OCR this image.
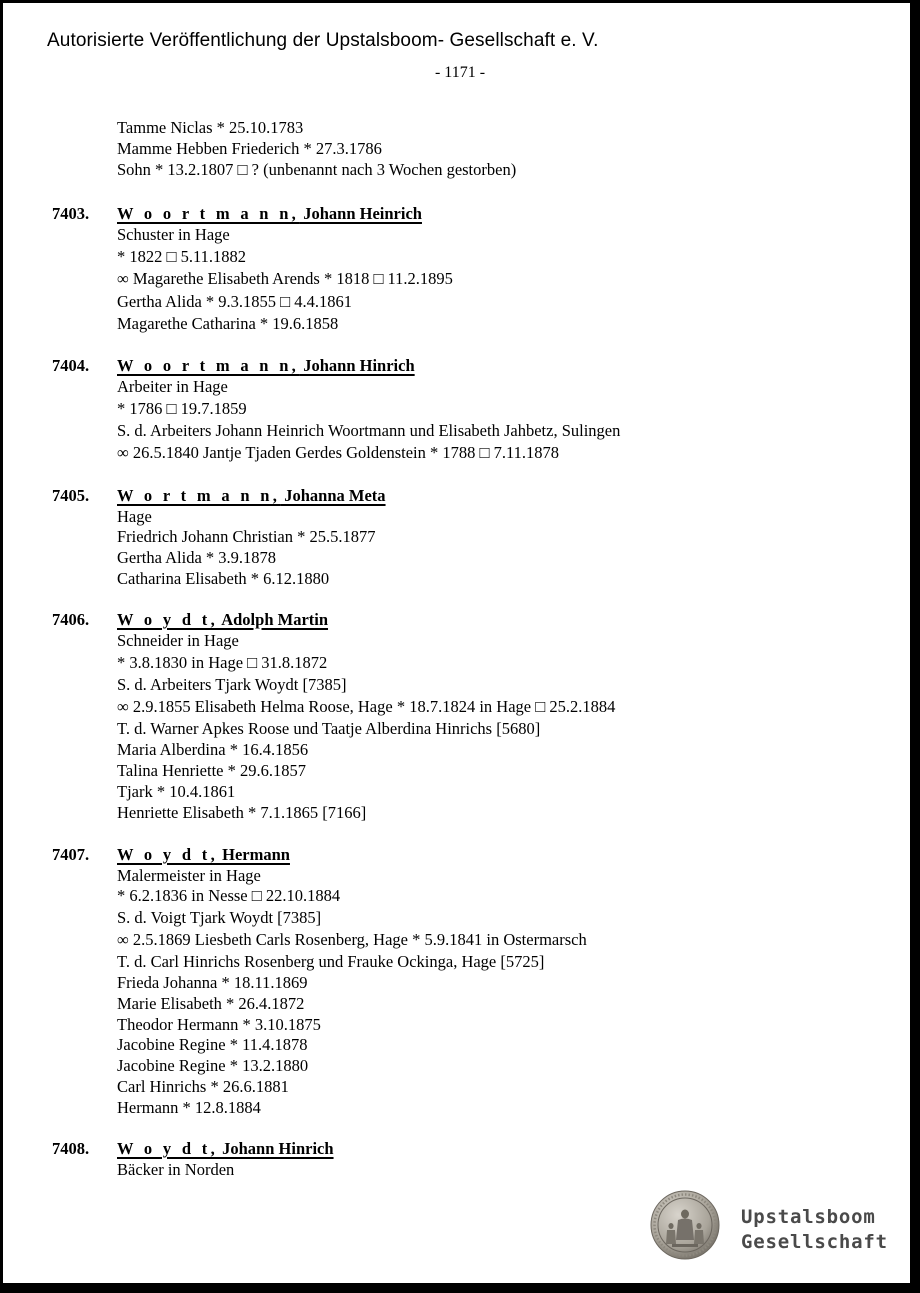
Autorisierte Veröffentlichung der Upstalsboom- Gesellschaft e. V.
- 1171 -
Tamme Niclas * 25.10.1783
Mamme Hebben Friederich * 27.3.1786
Sohn * 13.2.1807 □ ? (unbenannt nach 3 Wochen gestorben)
7403. W o o r t m a n n, Johann Heinrich
Schuster in Hage
* 1822 □ 5.11.1882
∞ Magarethe Elisabeth Arends * 1818 □ 11.2.1895
Gertha Alida * 9.3.1855 □ 4.4.1861
Magarethe Catharina * 19.6.1858
7404. W o o r t m a n n, Johann Hinrich
Arbeiter in Hage
* 1786 □ 19.7.1859
S. d. Arbeiters Johann Heinrich Woortmann und Elisabeth Jahbetz, Sulingen
∞ 26.5.1840 Jantje Tjaden Gerdes Goldenstein * 1788 □ 7.11.1878
7405. W o r t m a n n, Johanna Meta
Hage
Friedrich Johann Christian * 25.5.1877
Gertha Alida * 3.9.1878
Catharina Elisabeth * 6.12.1880
7406. W o y d t, Adolph Martin
Schneider in Hage
* 3.8.1830 in Hage □ 31.8.1872
S. d. Arbeiters Tjark Woydt [7385]
∞ 2.9.1855 Elisabeth Helma Roose, Hage * 18.7.1824 in Hage □ 25.2.1884
T. d. Warner Apkes Roose und Taatje Alberdina Hinrichs [5680]
Maria Alberdina * 16.4.1856
Talina Henriette * 29.6.1857
Tjark * 10.4.1861
Henriette Elisabeth * 7.1.1865 [7166]
7407. W o y d t, Hermann
Malermeister in Hage
* 6.2.1836 in Nesse □ 22.10.1884
S. d. Voigt Tjark Woydt [7385]
∞ 2.5.1869 Liesbeth Carls Rosenberg, Hage * 5.9.1841 in Ostermarsch
T. d. Carl Hinrichs Rosenberg und Frauke Ockinga, Hage [5725]
Frieda Johanna * 18.11.1869
Marie Elisabeth * 26.4.1872
Theodor Hermann * 3.10.1875
Jacobine Regine * 11.4.1878
Jacobine Regine * 13.2.1880
Carl Hinrichs * 26.6.1881
Hermann * 12.8.1884
7408. W o y d t, Johann Hinrich
Bäcker in Norden
Upstalsboom
Gesellschaft
